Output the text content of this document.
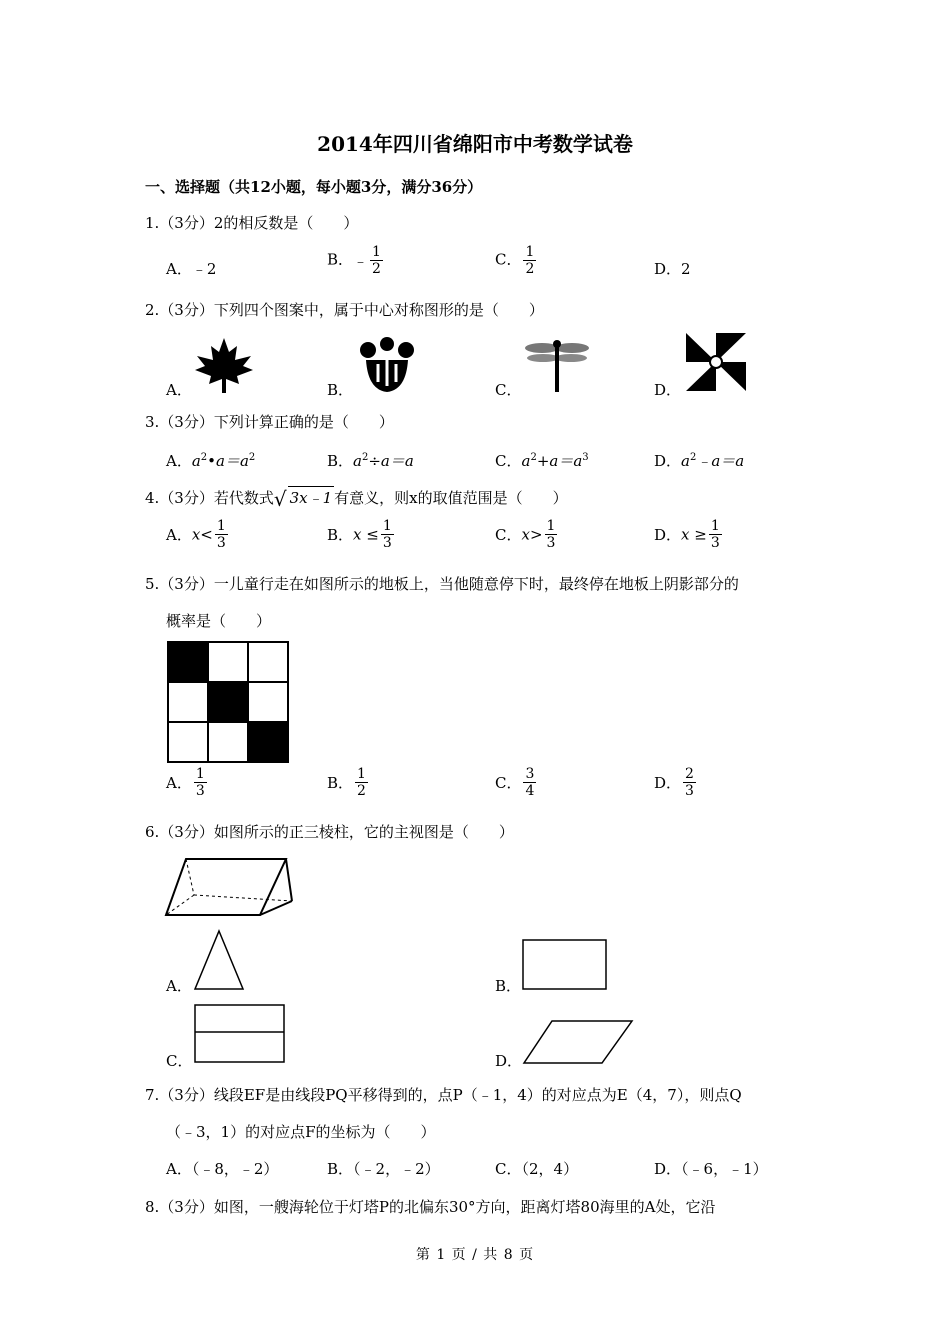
2014年四川省绵阳市中考数学试卷
一、选择题（共12小题，每小题3分，满分36分）
1.（3分）2的相反数是（　　）
A．﹣2
B．﹣ $\frac{1}{2}$	C． $\frac{1}{2}$	D．2
2.（3分）下列四个图案中，属于中心对称图形的是（　　）
A．	B．	C．	D．
3.（3分）下列计算正确的是（　　）
A．$a^2•a=a^2$	B．$a^2\div a=a$	C．$a^2+a=a^3$	D．$a^2﹣a=a$
4.（3分）若代数式√ 3x﹣1 有意义，则x的取值范围是（　　）
A．$x< \frac{1}{3}$	B．$x \le \frac{1}{3}$	C．$x> \frac{1}{3}$	D．$x \ge \frac{1}{3}$
5.（3分）一儿童行走在如图所示的地板上，当他随意停下时，最终停在地板上阴影部分的
概率是（　　）
A． $\frac{1}{3}$	B． $\frac{1}{2}$	C． $\frac{3}{4}$	D． $\frac{2}{3}$
6.（3分）如图所示的正三棱柱，它的主视图是（　　）
A．	B．
C．	D．
7.（3分）线段EF是由线段PQ平移得到的，点P（﹣1，4）的对应点为E（4，7），则点Q
（﹣3，1）的对应点F的坐标为（　　）
A．（﹣8，﹣2）	B．（﹣2，﹣2）	C．（2，4）	D．（﹣6，﹣1）
8.（3分）如图，一艘海轮位于灯塔P的北偏东30°方向，距离灯塔80海里的A处，它沿
第 1 页 / 共 8 页
